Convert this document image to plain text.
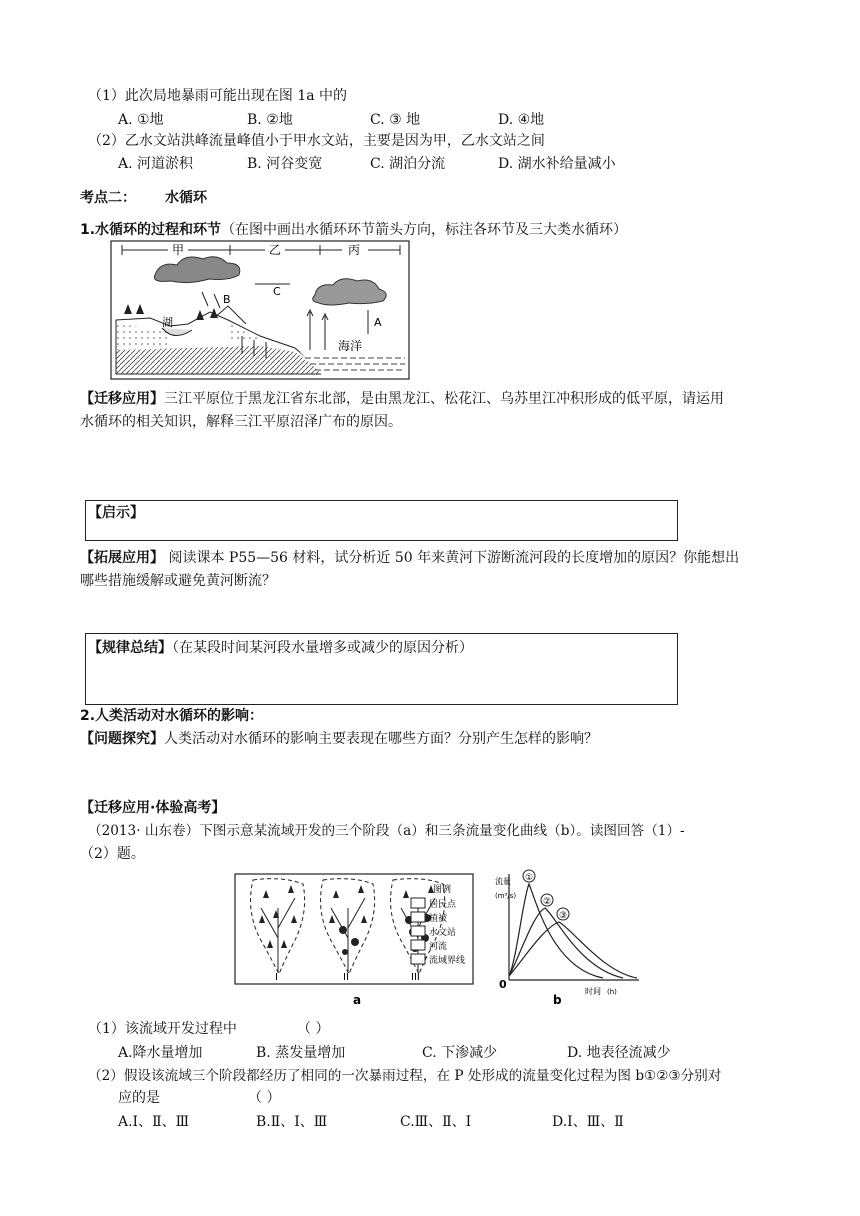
（1）此次局地暴雨可能出现在图 1a 中的
A. ①地	B. ②地	C. ③ 地	D. ④地
（2）乙水文站洪峰流量峰值小于甲水文站，主要是因为甲，乙水文站之间
A. 河道淤积	B. 河谷变宽	C. 湖泊分流	D. 湖水补给量减小
考点二： 水循环
1.水循环的过程和环节（在图中画出水循环环节箭头方向，标注各环节及三大类水循环）
甲	乙	丙
B
C
A
湖
海洋
【迁移应用】三江平原位于黑龙江省东北部，是由黑龙江、松花江、乌苏里江冲积形成的低平原，请运用
水循环的相关知识，解释三江平原沼泽广布的原因。
【启示】
【拓展应用】 阅读课本 P55—56 材料，试分析近 50 年来黄河下游断流河段的长度增加的原因？你能想出
哪些措施缓解或避免黄河断流？
【规律总结】（在某段时间某河段水量增多或减少的原因分析）
2.人类活动对水循环的影响：
【问题探究】人类活动对水循环的影响主要表现在哪些方面？分别产生怎样的影响？
【迁移应用·体验高考】
（2013· 山东卷）下图示意某流域开发的三个阶段（a）和三条流量变化曲线（b）。读图回答（1）-
（2）题。
I	II	III
图例
居民点
植被
水文站
河流
流域界线
a
流量
(m³/s)
0
时间 (h)
①
②
③
b
（1）该流域开发过程中	（ ）
A.降水量增加	B. 蒸发量增加	C. 下渗减少	D. 地表径流减少
（2）假设该流域三个阶段都经历了相同的一次暴雨过程，在 P 处形成的流量变化过程为图 b①②③分别对
应的是	（ ）
A.Ⅰ、Ⅱ、Ⅲ	B.Ⅱ、Ⅰ、Ⅲ	C.Ⅲ、Ⅱ、Ⅰ	D.Ⅰ、Ⅲ、Ⅱ
